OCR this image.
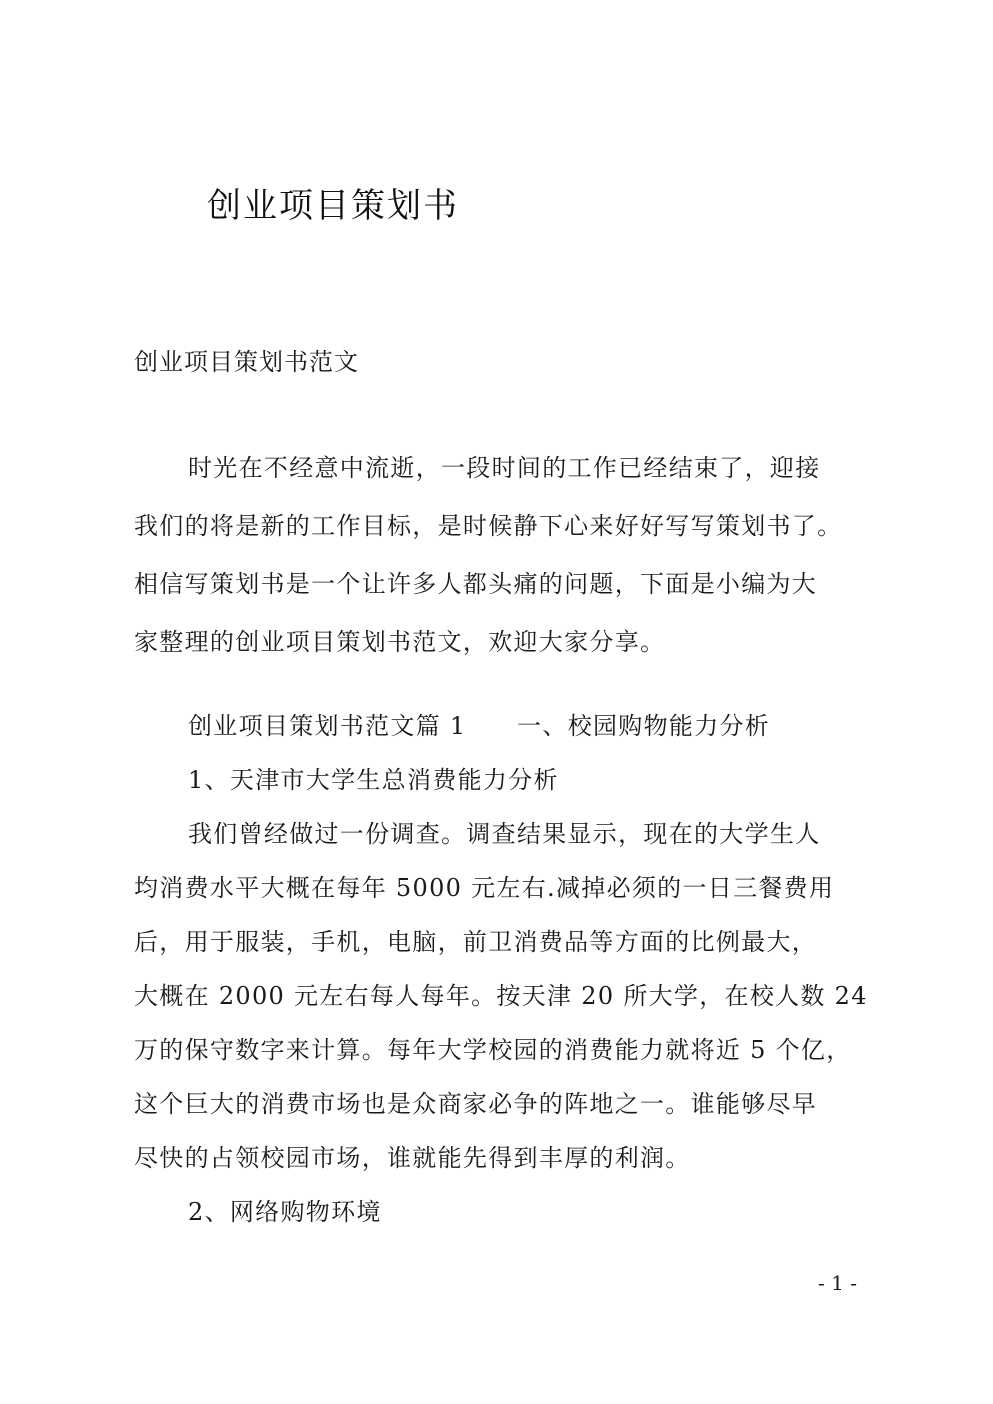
创业项目策划书
创业项目策划书范文
时光在不经意中流逝，一段时间的工作已经结束了，迎接
我们的将是新的工作目标，是时候静下心来好好写写策划书了。
相信写策划书是一个让许多人都头痛的问题，下面是小编为大
家整理的创业项目策划书范文，欢迎大家分享。
创业项目策划书范文篇 1　　一、校园购物能力分析
1、天津市大学生总消费能力分析
我们曾经做过一份调查。调查结果显示，现在的大学生人
均消费水平大概在每年 5000 元左右.减掉必须的一日三餐费用
后，用于服装，手机，电脑，前卫消费品等方面的比例最大，
大概在 2000 元左右每人每年。按天津 20 所大学，在校人数 24
万的保守数字来计算。每年大学校园的消费能力就将近 5 个亿，
这个巨大的消费市场也是众商家必争的阵地之一。谁能够尽早
尽快的占领校园市场，谁就能先得到丰厚的利润。
2、网络购物环境
- 1 -
